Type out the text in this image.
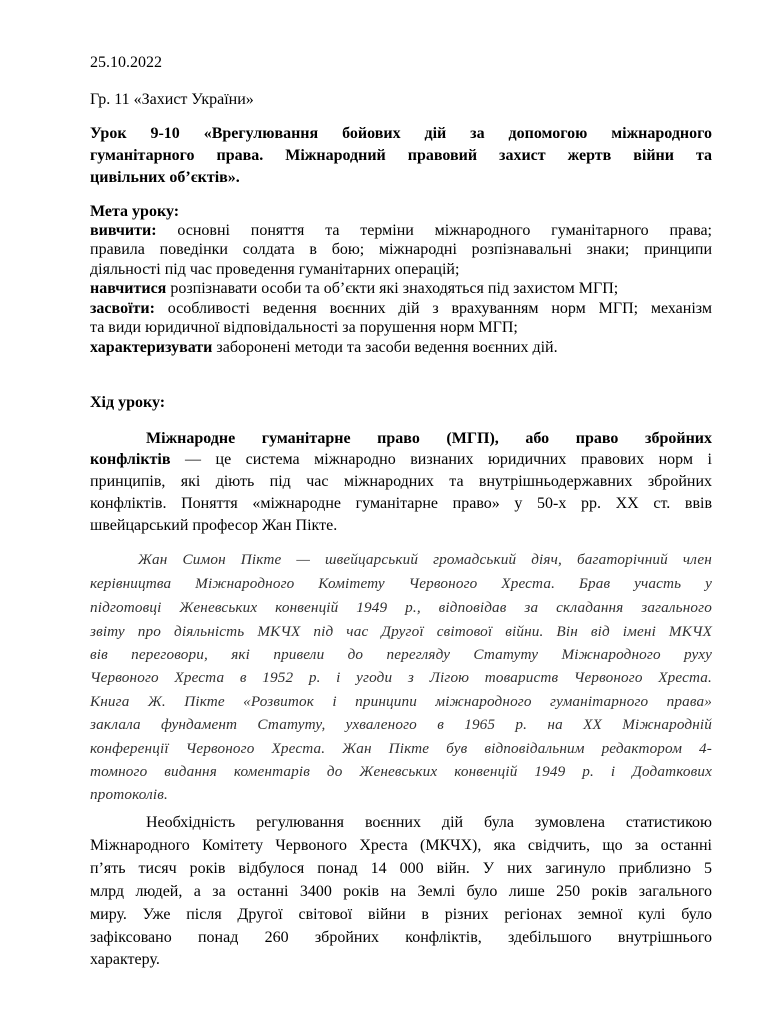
25.10.2022

Гр. 11 «Захист України»

Урок 9-10 «Врегулювання бойових дій за допомогою міжнародного

гуманітарного права. Міжнародний правовий захист жертв війни та

цивільних об’єктів».

Мета уроку:

вивчити: основні поняття та терміни міжнародного гуманітарного права;

правила поведінки солдата в бою; міжнародні розпізнавальні знаки; принципи

діяльності під час проведення гуманітарних операцій;

навчитися розпізнавати особи та об’єкти які знаходяться під захистом МГП;

засвоїти: особливості ведення воєнних дій з врахуванням норм МГП; механізм

та види юридичної відповідальності за порушення норм МГП;

характеризувати заборонені методи та засоби ведення воєнних дій.

Хід уроку:

Міжнародне гуманітарне право (МГП), або право збройних

конфліктів — це система міжнародно визнаних юридичних правових норм і

принципів, які діють під час міжнародних та внутрішньодержавних збройних

конфліктів. Поняття «міжнародне гуманітарне право» у 50-х рр. XX ст. ввів

швейцарський професор Жан Пікте.

Жан Симон Пікте — швейцарський громадський діяч, багаторічний член

керівництва Міжнародного Комітету Червоного Хреста. Брав участь у

підготовці Женевських конвенцій 1949 р., відповідав за складання загального

звіту про діяльність МКЧХ під час Другої світової війни. Він від імені МКЧХ

вів переговори, які привели до перегляду Статуту Міжнародного руху

Червоного Хреста в 1952 р. і угоди з Лігою товариств Червоного Хреста.

Книга Ж. Пікте «Розвиток і принципи міжнародного гуманітарного права»

заклала фундамент Статуту, ухваленого в 1965 р. на XX Міжнародній

конференції Червоного Хреста. Жан Пікте був відповідальним редактором 4-

томного видання коментарів до Женевських конвенцій 1949 р. і Додаткових

протоколів.

Необхідність регулювання воєнних дій була зумовлена статистикою

Міжнародного Комітету Червоного Хреста (МКЧХ), яка свідчить, що за останні

п’ять тисяч років відбулося понад 14 000 війн. У них загинуло приблизно 5

млрд людей, а за останні 3400 років на Землі було лише 250 років загального

миру. Уже після Другої світової війни в різних регіонах земної кулі було

зафіксовано понад 260 збройних конфліктів, здебільшого внутрішнього

характеру.
